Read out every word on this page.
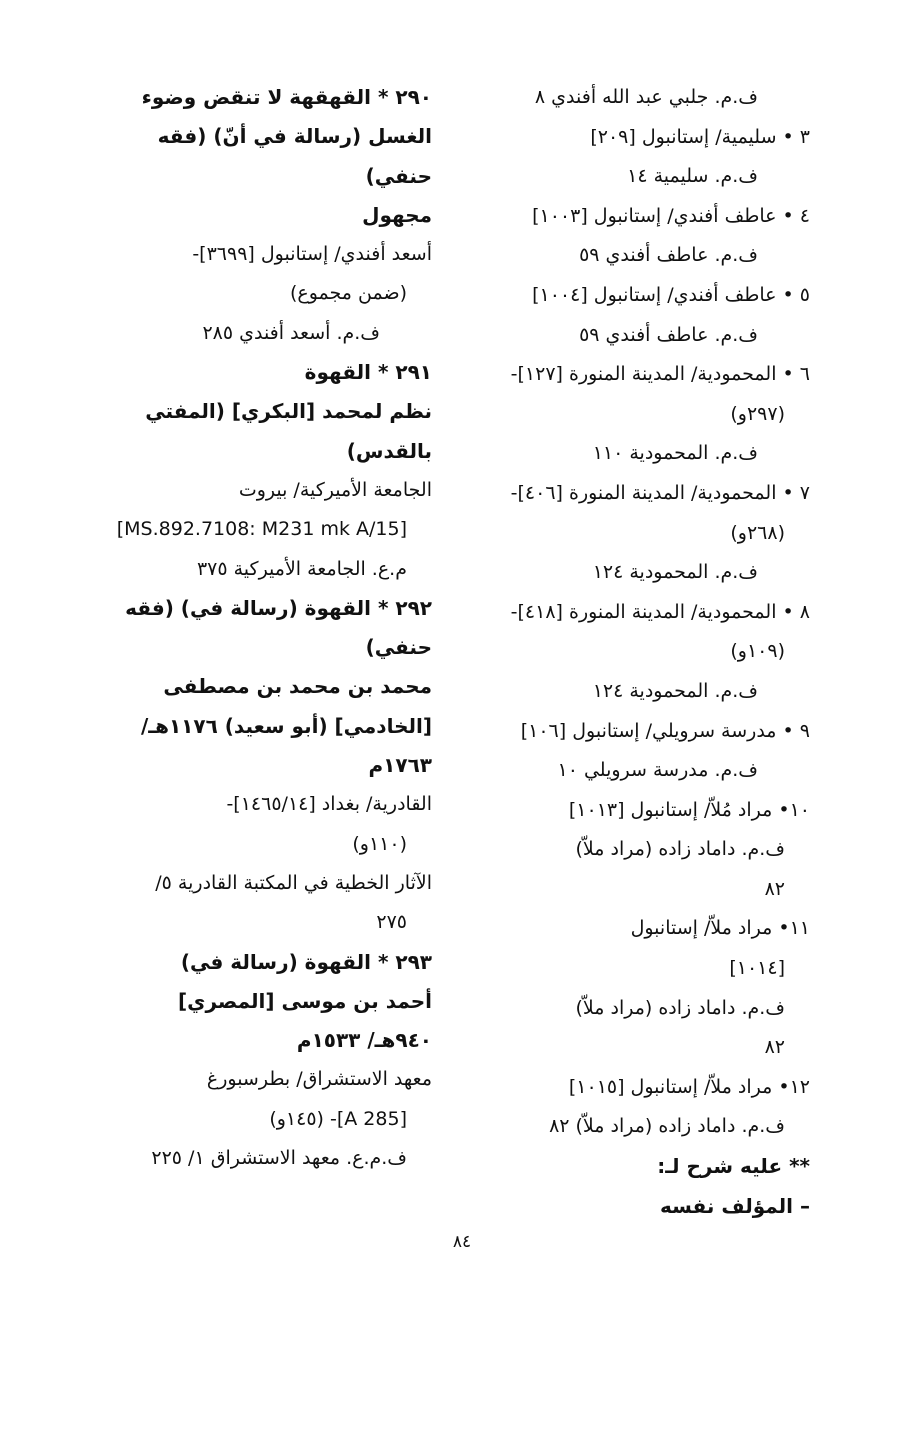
ف.م. جلبي عبد الله أفندي ٨

٣ • سليمية/ إستانبول [٢٠٩]

ف.م. سليمية ١٤

٤ • عاطف أفندي/ إستانبول [١٠٠٣]

ف.م. عاطف أفندي ٥٩

٥ • عاطف أفندي/ إستانبول [١٠٠٤]

ف.م. عاطف أفندي ٥٩

٦ • المحمودية/ المدينة المنورة [١٢٧]-

(٢٩٧و)

ف.م. المحمودية ١١٠

٧ • المحمودية/ المدينة المنورة [٤٠٦]-

(٢٦٨و)

ف.م. المحمودية ١٢٤

٨ • المحمودية/ المدينة المنورة [٤١٨]-

(١٠٩و)

ف.م. المحمودية ١٢٤

٩ • مدرسة سرويلي/ إستانبول [١٠٦]

ف.م. مدرسة سرويلي ١٠

١٠• مراد مُلاّ/ إستانبول [١٠١٣]

ف.م. داماد زاده (مراد ملاّ)

٨٢

١١• مراد ملاّ/ إستانبول

[١٠١٤]

ف.م. داماد زاده (مراد ملاّ)

٨٢

١٢• مراد ملاّ/ إستانبول [١٠١٥]

ف.م. داماد زاده (مراد ملاّ) ٨٢

** عليه شرح لـ:

– المؤلف نفسه

٢٩٠ * القهقهة لا تنقض وضوء

الغسل (رسالة في أنّ) (فقه

حنفي)

مجهول

أسعد أفندي/ إستانبول [٣٦٩٩]-

(ضمن مجموع)

ف.م. أسعد أفندي ٢٨٥

٢٩١ * القهوة

نظم لمحمد [البكري] (المفتي

بالقدس)

الجامعة الأميركية/ بيروت

[MS.892.7108: M231 mk A/15]

م.ع. الجامعة الأميركية ٣٧٥

٢٩٢ * القهوة (رسالة في) (فقه

حنفي)

محمد بن محمد بن مصطفى

[الخادمي] (أبو سعيد) ١١٧٦هـ/

١٧٦٣م

القادرية/ بغداد [١٤٦٥/١٤]-

(١١٠و)

الآثار الخطية في المكتبة القادرية ٥/

٢٧٥

٢٩٣ * القهوة (رسالة في)

أحمد بن موسى [المصري]

٩٤٠هـ/ ١٥٣٣م

معهد الاستشراق/ بطرسبورغ

[A 285]- (١٤٥و)

ف.م.ع. معهد الاستشراق ١/ ٢٢٥

٨٤
